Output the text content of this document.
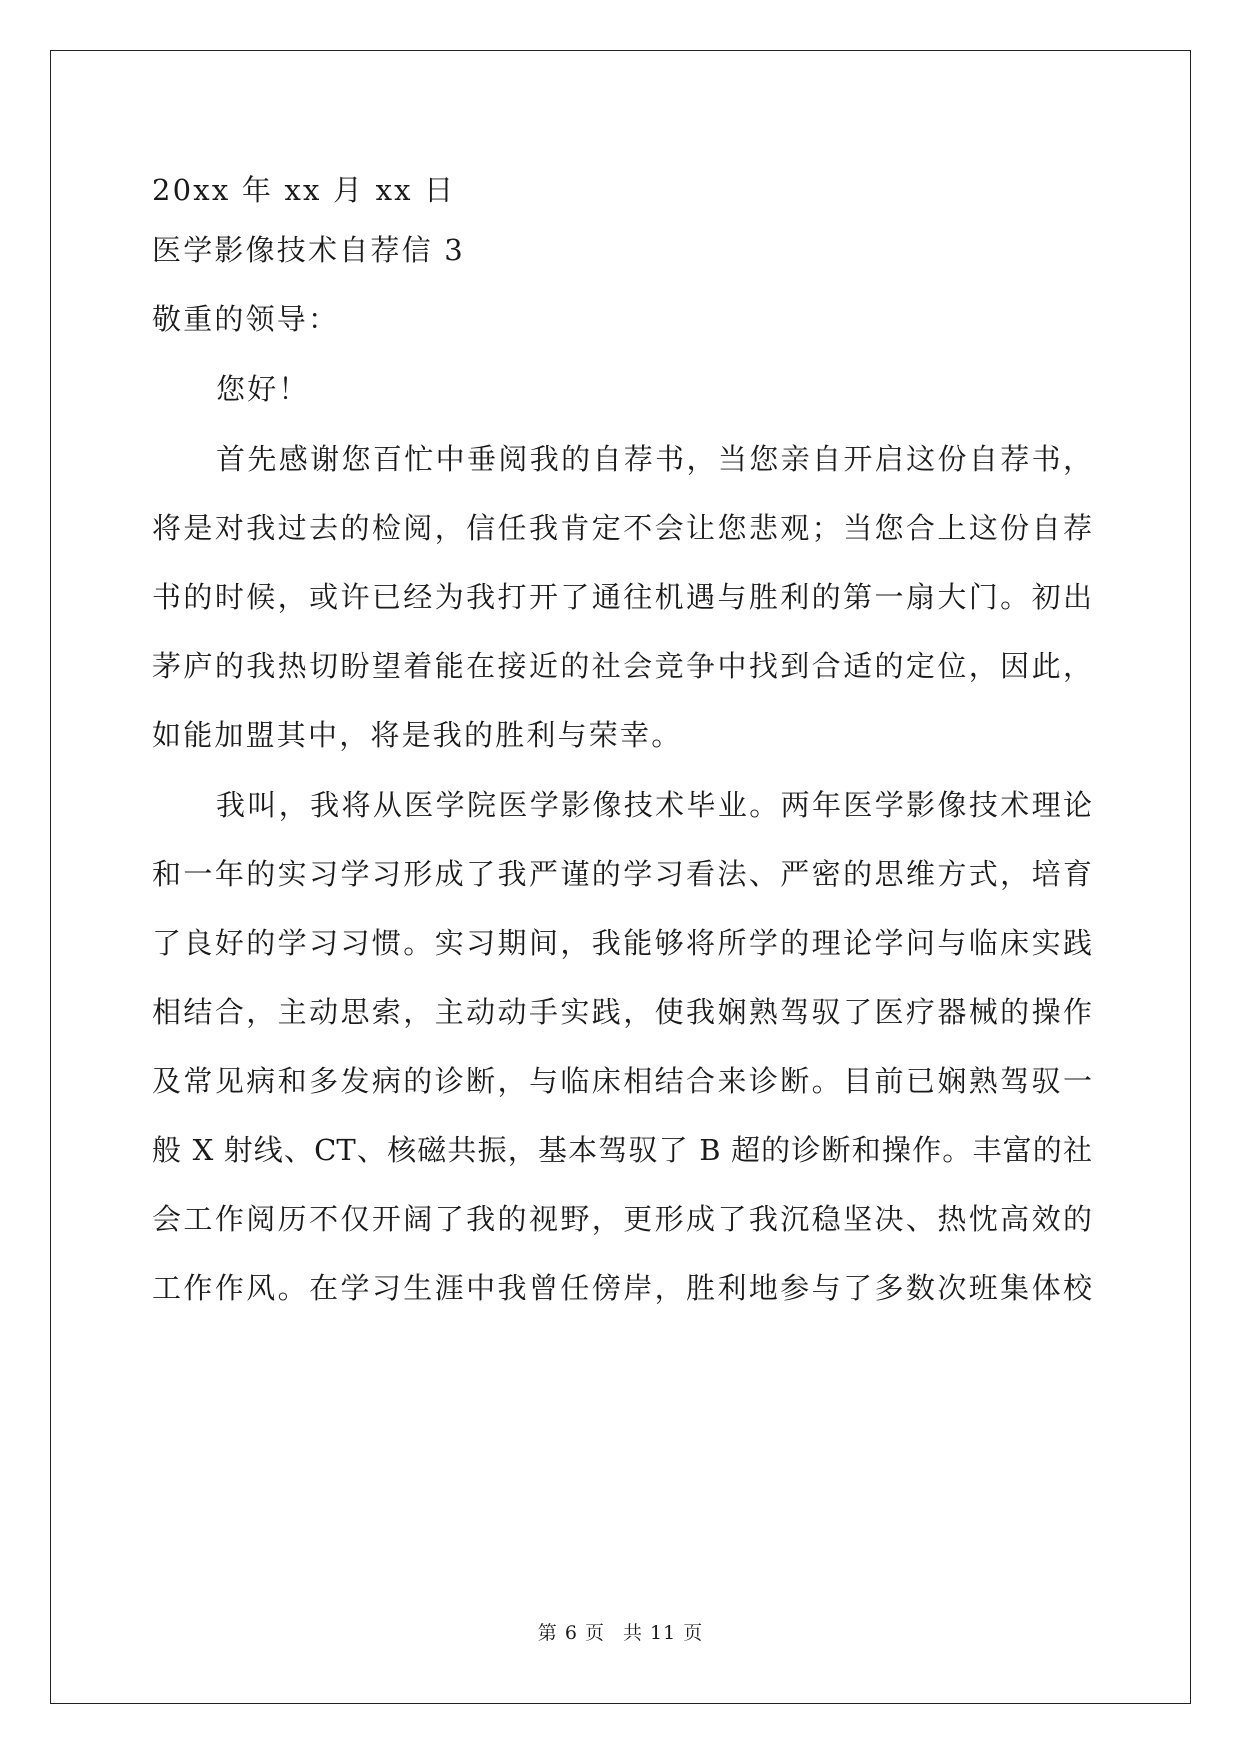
20xx 年 xx 月 xx 日
医学影像技术自荐信 3
敬重的领导：
您好！
首先感谢您百忙中垂阅我的自荐书，当您亲自开启这份自荐书，
将是对我过去的检阅，信任我肯定不会让您悲观；当您合上这份自荐
书的时候，或许已经为我打开了通往机遇与胜利的第一扇大门。初出
茅庐的我热切盼望着能在接近的社会竞争中找到合适的定位，因此，
如能加盟其中，将是我的胜利与荣幸。
我叫，我将从医学院医学影像技术毕业。两年医学影像技术理论
和一年的实习学习形成了我严谨的学习看法、严密的思维方式，培育
了良好的学习习惯。实习期间，我能够将所学的理论学问与临床实践
相结合，主动思索，主动动手实践，使我娴熟驾驭了医疗器械的操作
及常见病和多发病的诊断，与临床相结合来诊断。目前已娴熟驾驭一
般 X 射线、CT、核磁共振，基本驾驭了 B 超的诊断和操作。丰富的社
会工作阅历不仅开阔了我的视野，更形成了我沉稳坚决、热忱高效的
工作作风。在学习生涯中我曾任傍岸，胜利地参与了多数次班集体校
第 6 页 共 11 页
